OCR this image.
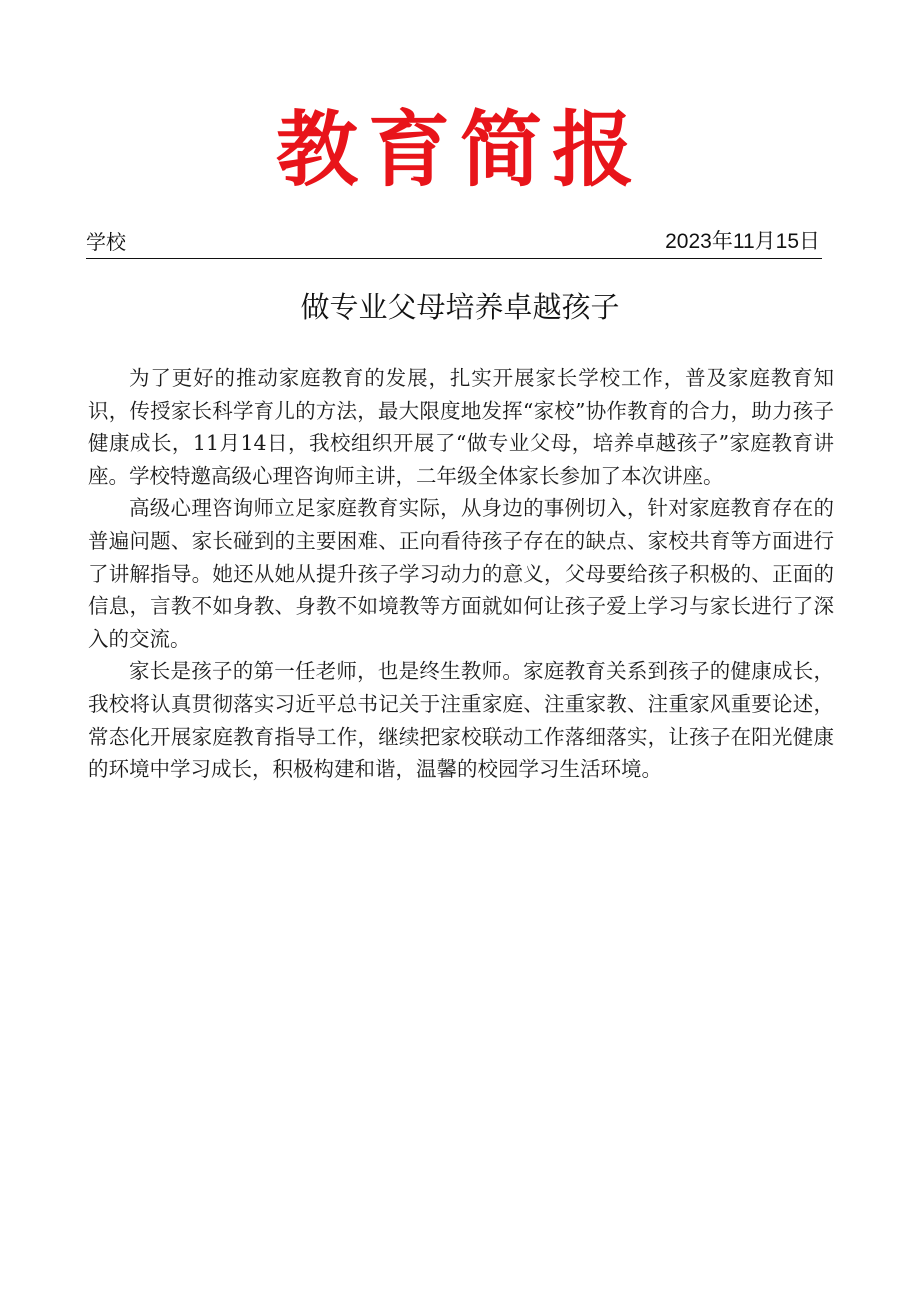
教育简报
学校	2023年11月15日
做专业父母培养卓越孩子

为了更好的推动家庭教育的发展，扎实开展家长学校工作，普及家庭教育知识，传授家长科学育儿的方法，最大限度地发挥“家校”协作教育的合力，助力孩子健康成长，11月14日，我校组织开展了“做专业父母，培养卓越孩子”家庭教育讲座。学校特邀高级心理咨询师主讲，二年级全体家长参加了本次讲座。

高级心理咨询师立足家庭教育实际，从身边的事例切入，针对家庭教育存在的普遍问题、家长碰到的主要困难、正向看待孩子存在的缺点、家校共育等方面进行了讲解指导。她还从她从提升孩子学习动力的意义，父母要给孩子积极的、正面的信息，言教不如身教、身教不如境教等方面就如何让孩子爱上学习与家长进行了深入的交流。

家长是孩子的第一任老师，也是终生教师。家庭教育关系到孩子的健康成长，我校将认真贯彻落实习近平总书记关于注重家庭、注重家教、注重家风重要论述，常态化开展家庭教育指导工作，继续把家校联动工作落细落实，让孩子在阳光健康的环境中学习成长，积极构建和谐，温馨的校园学习生活环境。
